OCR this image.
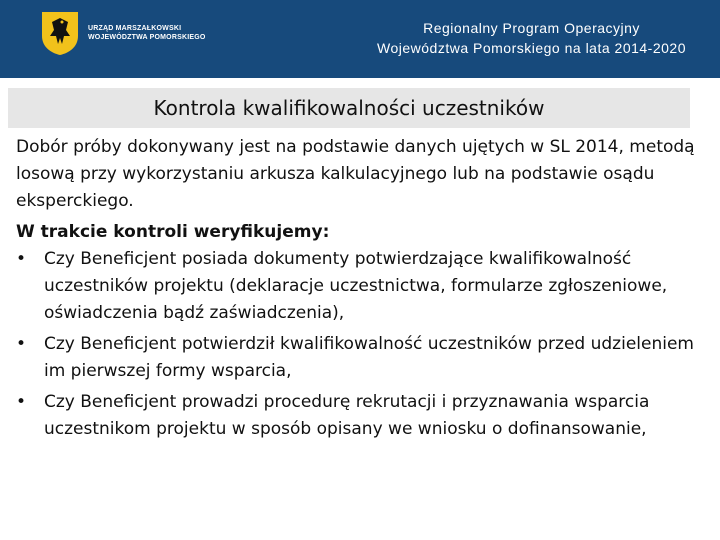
URZĄD MARSZAŁKOWSKI
WOJEWÓDZTWA POMORSKIEGO
Regionalny Program Operacyjny
Województwa Pomorskiego na lata 2014-2020
Kontrola kwalifikowalności uczestników

Dobór próby dokonywany jest na podstawie danych ujętych w SL 2014, metodą losową przy wykorzystaniu arkusza kalkulacyjnego lub na podstawie osądu eksperckiego.

W trakcie kontroli weryfikujemy:

• Czy Beneficjent posiada dokumenty potwierdzające kwalifikowalność uczestników projektu (deklaracje uczestnictwa, formularze zgłoszeniowe, oświadczenia bądź zaświadczenia),
• Czy Beneficjent potwierdził kwalifikowalność uczestników przed udzieleniem im pierwszej formy wsparcia,
• Czy Beneficjent prowadzi procedurę rekrutacji i przyznawania wsparcia uczestnikom projektu w sposób opisany we wniosku o dofinansowanie,
